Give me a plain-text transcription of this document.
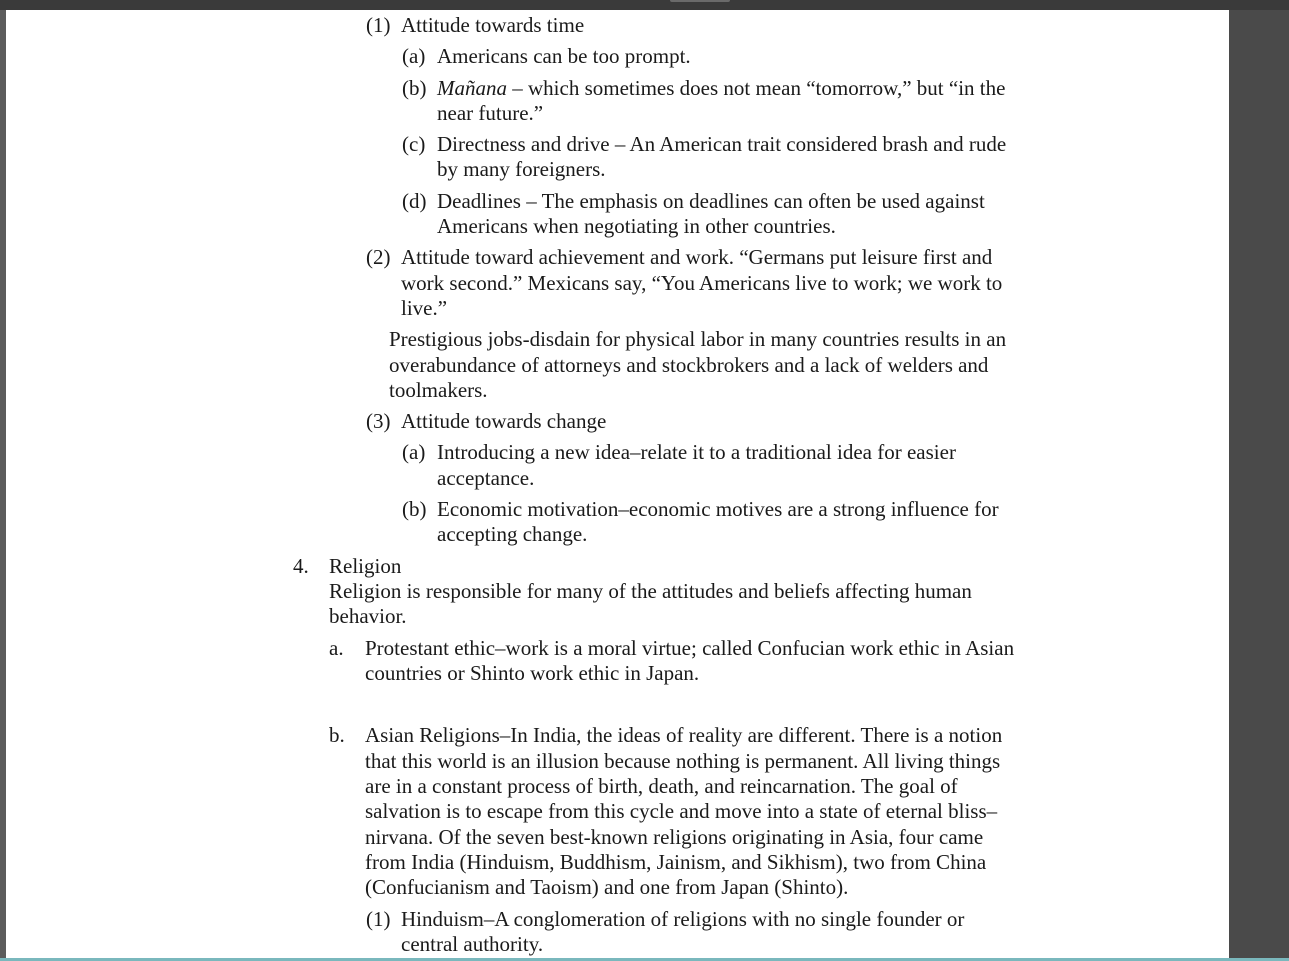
(1) Attitude towards time

(a) Americans can be too prompt.

(b) Mañana – which sometimes does not mean “tomorrow,” but “in the

near future.”

(c) Directness and drive – An American trait considered brash and rude

by many foreigners.

(d) Deadlines – The emphasis on deadlines can often be used against

Americans when negotiating in other countries.

(2) Attitude toward achievement and work. “Germans put leisure first and

work second.” Mexicans say, “You Americans live to work; we work to

live.”

Prestigious jobs-disdain for physical labor in many countries results in an

overabundance of attorneys and stockbrokers and a lack of welders and

toolmakers.

(3) Attitude towards change

(a) Introducing a new idea–relate it to a traditional idea for easier

acceptance.

(b) Economic motivation–economic motives are a strong influence for

accepting change.

4. Religion

Religion is responsible for many of the attitudes and beliefs affecting human

behavior.

a. Protestant ethic–work is a moral virtue; called Confucian work ethic in Asian

countries or Shinto work ethic in Japan.

b. Asian Religions–In India, the ideas of reality are different. There is a notion

that this world is an illusion because nothing is permanent. All living things

are in a constant process of birth, death, and reincarnation. The goal of

salvation is to escape from this cycle and move into a state of eternal bliss–

nirvana. Of the seven best-known religions originating in Asia, four came

from India (Hinduism, Buddhism, Jainism, and Sikhism), two from China

(Confucianism and Taoism) and one from Japan (Shinto).

(1) Hinduism–A conglomeration of religions with no single founder or

central authority.
